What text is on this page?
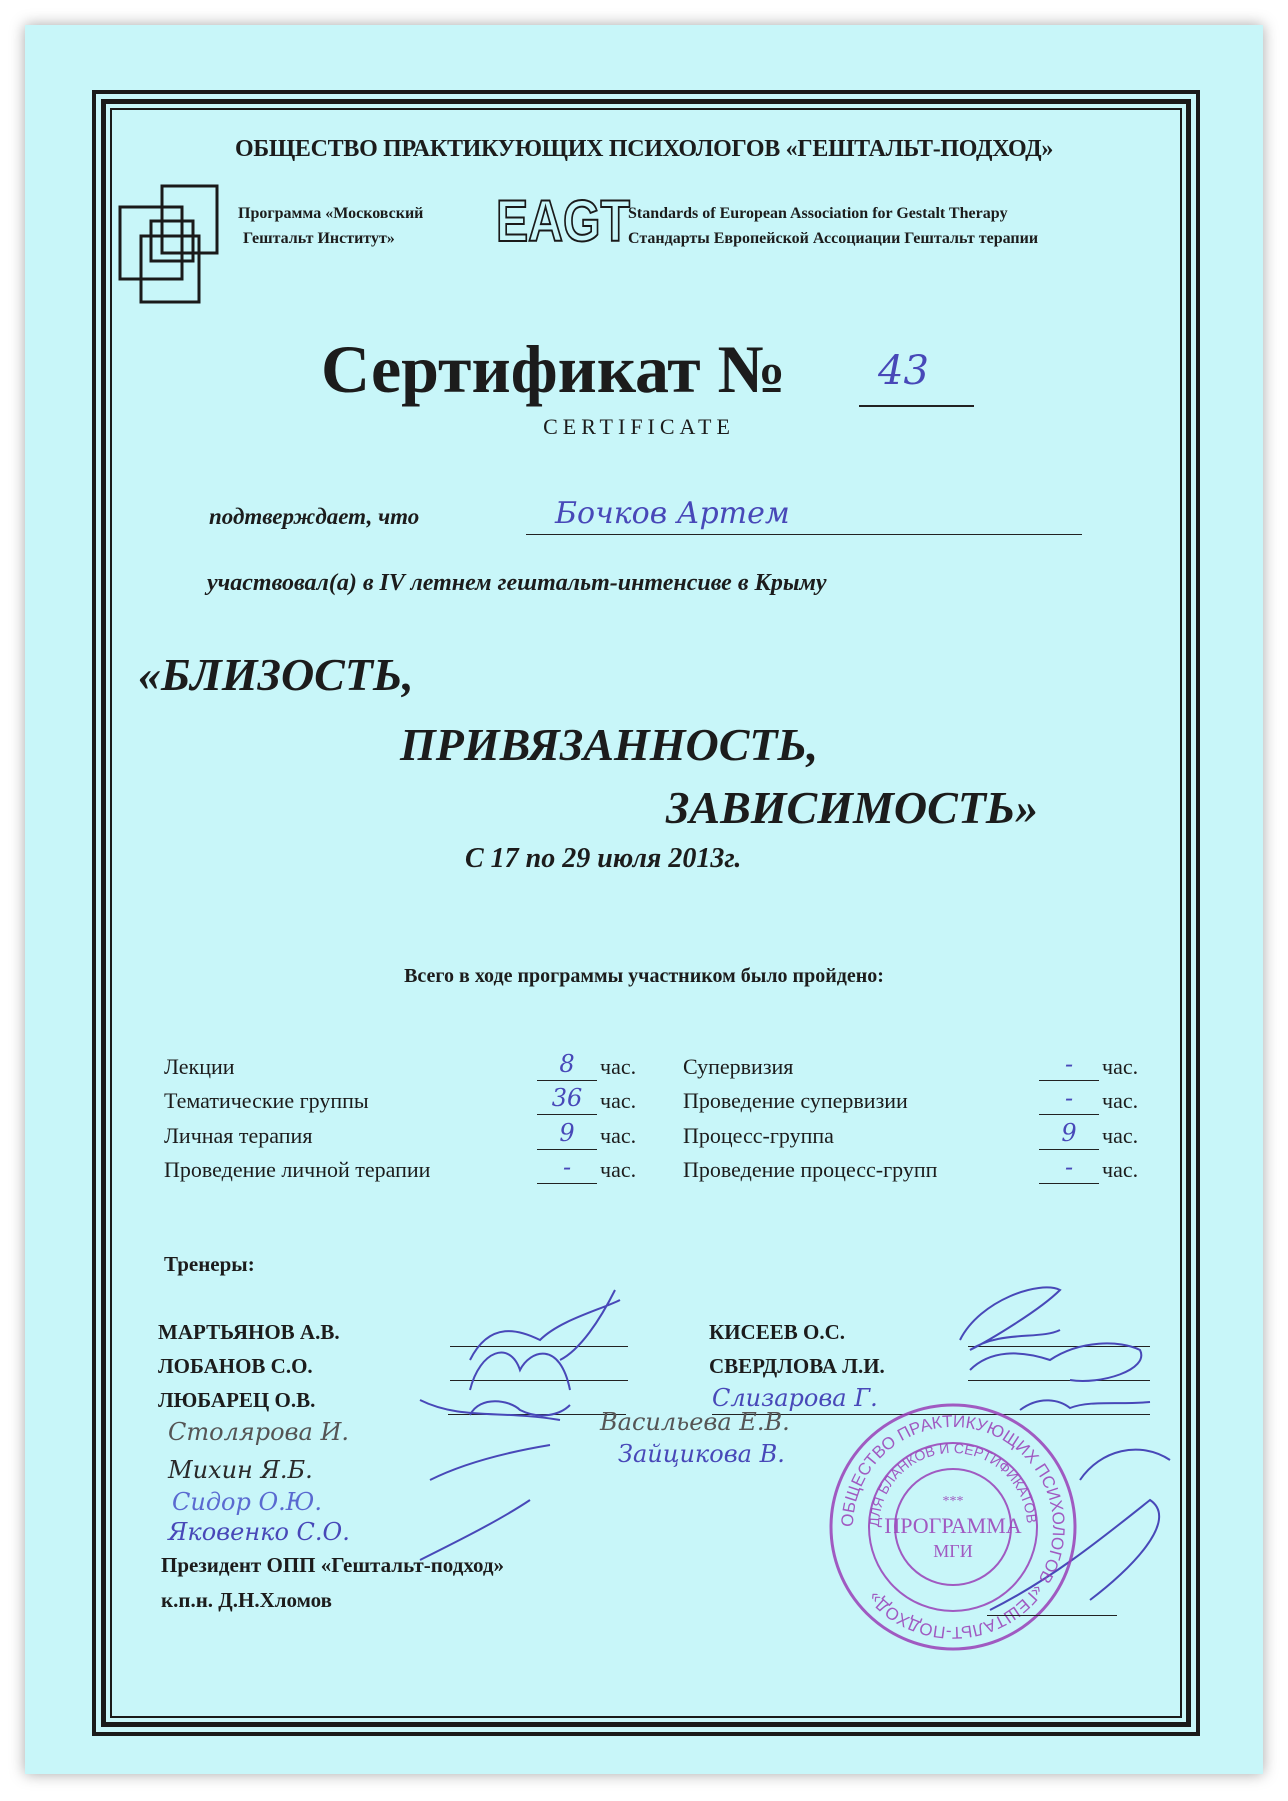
ОБЩЕСТВО ПРАКТИКУЮЩИХ ПСИХОЛОГОВ «ГЕШТАЛЬТ-ПОДХОД»
Программа «Московский
Гештальт Институт» EAGT
Standards of European Association for Gestalt Therapy
Стандарты Европейской Ассоциации Гештальт терапии
Сертификат № 43
CERTIFICATE
подтверждает, что	Бочков Артем
участвовал(а) в IV летнем гештальт-интенсиве в Крыму
«БЛИЗОСТЬ,
ПРИВЯЗАННОСТЬ,
ЗАВИСИМОСТЬ»
С 17 по 29 июля 2013г.
Всего в ходе программы участником было пройдено:
Лекции	8	час.
Тематические группы	36 час.
Личная терапия	9	час.
Проведение личной терапии	-	час.
Супервизия	-	час.
Проведение супервизии	-	час.
Процесс-группа	9	час.
Проведение процесс-групп	-	час.
Тренеры:
МАРТЬЯНОВ А.В.
ЛОБАНОВ С.О.
ЛЮБАРЕЦ О.В.
КИСЕЕВ О.С.
СВЕРДЛОВА Л.И.
Слизарова Г.
Столярова И.	Васильева Е.В.
Михин Я.Б.
Зайцикова В.
Сидор О.Ю.
Яковенко С.О.	ОБЩЕСТВО ПРАКТИКУЮЩИХ ПСИХОЛОГОВ «ГЕШТАЛЬТ-ПОДХОД»
ДЛЯ БЛАНКОВ И СЕРТИФИКАТОВ
***
ПРОГРАММА
МГИ
Президент ОПП «Гештальт-подход»
к.п.н. Д.Н.Хломов
